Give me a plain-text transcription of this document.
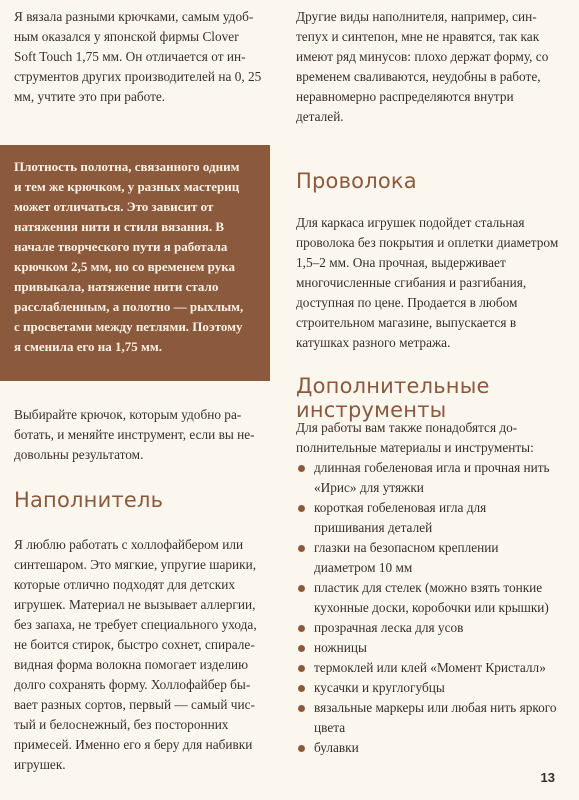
Я вязала разными крючками, самым удобным оказался у японской фирмы Clover Soft Touch 1,75 мм. Он отличается от инструментов других производителей на 0, 25 мм, учтите это при работе.

Плотность полотна, связанного одним и тем же крючком, у разных мастериц может отличаться. Это зависит от натяжения нити и стиля вязания. В начале творческого пути я работала крючком 2,5 мм, но со временем рука привыкала, натяжение нити стало расслабленным, а полотно — рыхлым, с просветами между петлями. Поэтому я сменила его на 1,75 мм.

Выбирайте крючок, которым удобно работать, и меняйте инструмент, если вы недовольны результатом.

Наполнитель

Я люблю работать с холлофайбером или синтешаром. Это мягкие, упругие шарики, которые отлично подходят для детских игрушек. Материал не вызывает аллергии, без запаха, не требует специального ухода, не боится стирок, быстро сохнет, спиралевидная форма волокна помогает изделию долго сохранять форму. Холлофайбер бывает разных сортов, первый — самый чистый и белоснежный, без посторонних примесей. Именно его я беру для набивки игрушек.

Другие виды наполнителя, например, синтепух и синтепон, мне не нравятся, так как имеют ряд минусов: плохо держат форму, со временем сваливаются, неудобны в работе, неравномерно распределяются внутри деталей.

Проволока

Для каркаса игрушек подойдет стальная проволока без покрытия и оплетки диаметром 1,5–2 мм. Она прочная, выдерживает многочисленные сгибания и разгибания, доступная по цене. Продается в любом строительном магазине, выпускается в катушках разного метража.

Дополнительные инструменты

Для работы вам также понадобятся дополнительные материалы и инструменты:

длинная гобеленовая игла и прочная нить «Ирис» для утяжки
короткая гобеленовая игла для пришивания деталей
глазки на безопасном креплении диаметром 10 мм
пластик для стелек (можно взять тонкие кухонные доски, коробочки или крышки)
прозрачная леска для усов
ножницы
термоклей или клей «Момент Кристалл»
кусачки и круглогубцы
вязальные маркеры или любая нить яркого цвета
булавки
13
